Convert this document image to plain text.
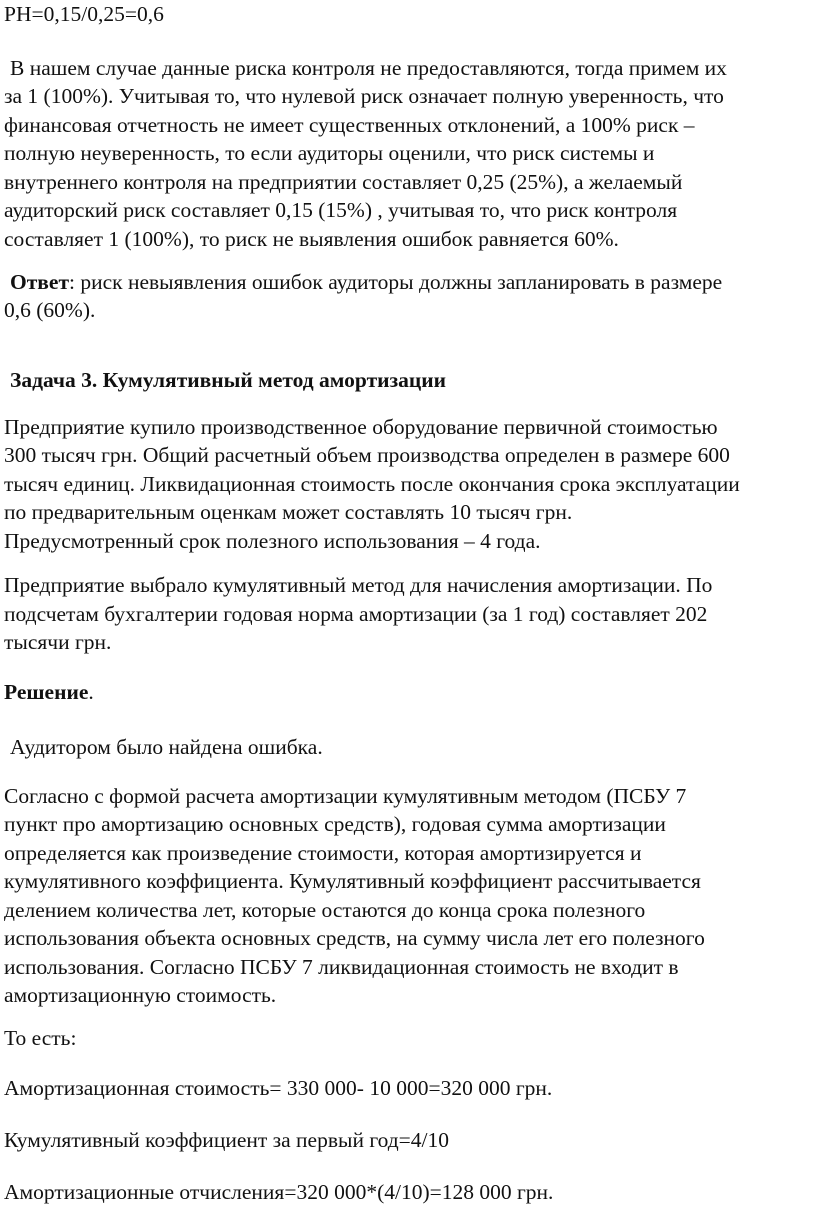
РН=0,15/0,25=0,6
В нашем случае данные риска контроля не предоставляются, тогда примем их
за 1 (100%). Учитывая то, что нулевой риск означает полную уверенность, что
финансовая отчетность не имеет существенных отклонений, а 100% риск –
полную неуверенность, то если аудиторы оценили, что риск системы и
внутреннего контроля на предприятии составляет 0,25 (25%), а желаемый
аудиторский риск составляет 0,15 (15%) , учитывая то, что риск контроля
составляет 1 (100%), то риск не выявления ошибок равняется 60%.
Ответ: риск невыявления ошибок аудиторы должны запланировать в размере
0,6 (60%).
Задача 3. Кумулятивный метод амортизации
Предприятие купило производственное оборудование первичной стоимостью
300 тысяч грн. Общий расчетный объем производства определен в размере 600
тысяч единиц. Ликвидационная стоимость после окончания срока эксплуатации
по предварительным оценкам может составлять 10 тысяч грн.
Предусмотренный срок полезного использования – 4 года.
Предприятие выбрало кумулятивный метод для начисления амортизации. По
подсчетам бухгалтерии годовая норма амортизации (за 1 год) составляет 202
тысячи грн.
Решение.
Аудитором было найдена ошибка.
Согласно с формой расчета амортизации кумулятивным методом (ПСБУ 7
пункт про амортизацию основных средств), годовая сумма амортизации
определяется как произведение стоимости, которая амортизируется и
кумулятивного коэффициента. Кумулятивный коэффициент рассчитывается
делением количества лет, которые остаются до конца срока полезного
использования объекта основных средств, на сумму числа лет его полезного
использования. Согласно ПСБУ 7 ликвидационная стоимость не входит в
амортизационную стоимость.
То есть:
Амортизационная стоимость= 330 000- 10 000=320 000 грн.
Кумулятивный коэффициент за первый год=4/10
Амортизационные отчисления=320 000*(4/10)=128 000 грн.
